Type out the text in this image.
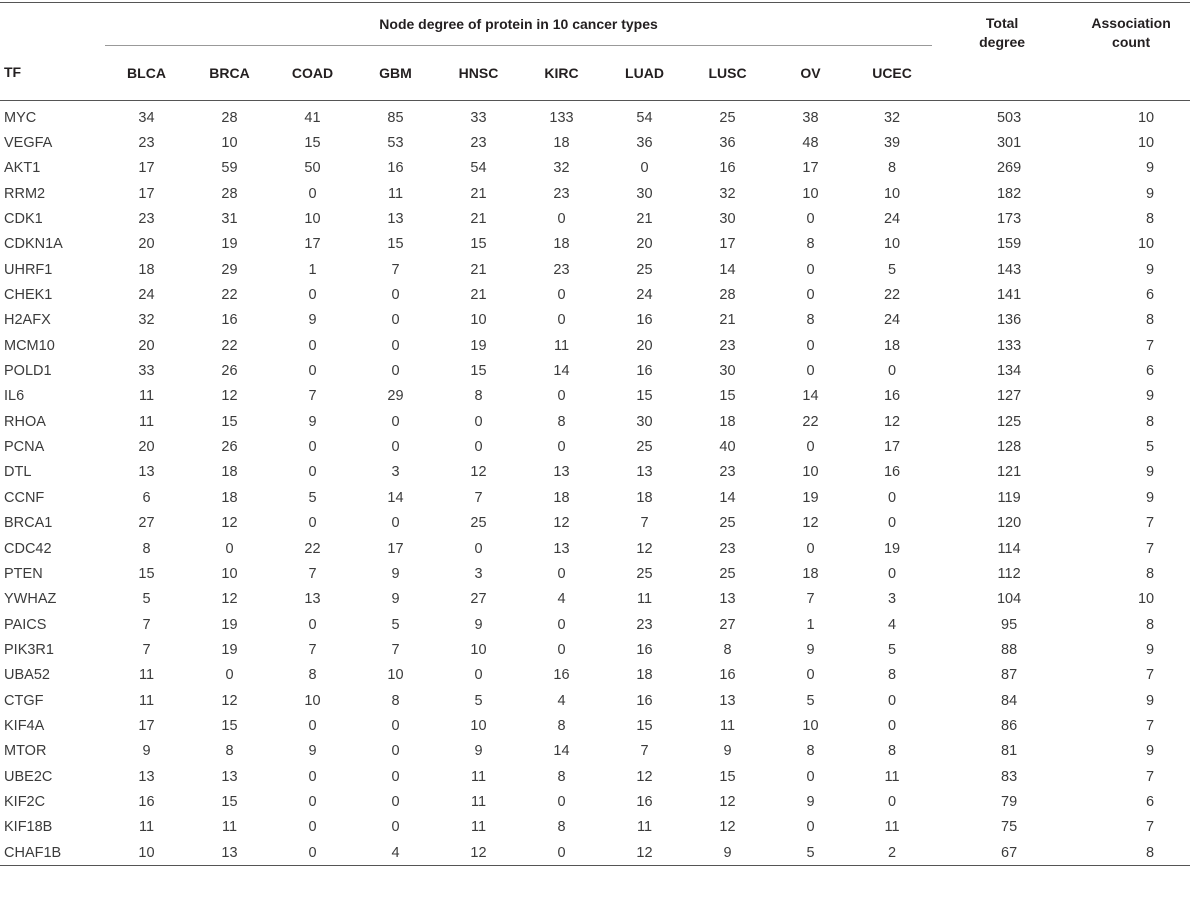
TF	Node degree of protein in 10 cancer types										Total
degree	Association
count
	BLCA	BRCA	COAD	GBM	HNSC	KIRC	LUAD	LUSC	OV	UCEC		
MYC	34	28	41	85	33	133	54	25	38	32	503	10
VEGFA	23	10	15	53	23	18	36	36	48	39	301	10
AKT1	17	59	50	16	54	32	0	16	17	8	269	9
RRM2	17	28	0	11	21	23	30	32	10	10	182	9
CDK1	23	31	10	13	21	0	21	30	0	24	173	8
CDKN1A	20	19	17	15	15	18	20	17	8	10	159	10
UHRF1	18	29	1	7	21	23	25	14	0	5	143	9
CHEK1	24	22	0	0	21	0	24	28	0	22	141	6
H2AFX	32	16	9	0	10	0	16	21	8	24	136	8
MCM10	20	22	0	0	19	11	20	23	0	18	133	7
POLD1	33	26	0	0	15	14	16	30	0	0	134	6
IL6	11	12	7	29	8	0	15	15	14	16	127	9
RHOA	11	15	9	0	0	8	30	18	22	12	125	8
PCNA	20	26	0	0	0	0	25	40	0	17	128	5
DTL	13	18	0	3	12	13	13	23	10	16	121	9
CCNF	6	18	5	14	7	18	18	14	19	0	119	9
BRCA1	27	12	0	0	25	12	7	25	12	0	120	7
CDC42	8	0	22	17	0	13	12	23	0	19	114	7
PTEN	15	10	7	9	3	0	25	25	18	0	112	8
YWHAZ	5	12	13	9	27	4	11	13	7	3	104	10
PAICS	7	19	0	5	9	0	23	27	1	4	95	8
PIK3R1	7	19	7	7	10	0	16	8	9	5	88	9
UBA52	11	0	8	10	0	16	18	16	0	8	87	7
CTGF	11	12	10	8	5	4	16	13	5	0	84	9
KIF4A	17	15	0	0	10	8	15	11	10	0	86	7
MTOR	9	8	9	0	9	14	7	9	8	8	81	9
UBE2C	13	13	0	0	11	8	12	15	0	11	83	7
KIF2C	16	15	0	0	11	0	16	12	9	0	79	6
KIF18B	11	11	0	0	11	8	11	12	0	11	75	7
CHAF1B	10	13	0	4	12	0	12	9	5	2	67	8
